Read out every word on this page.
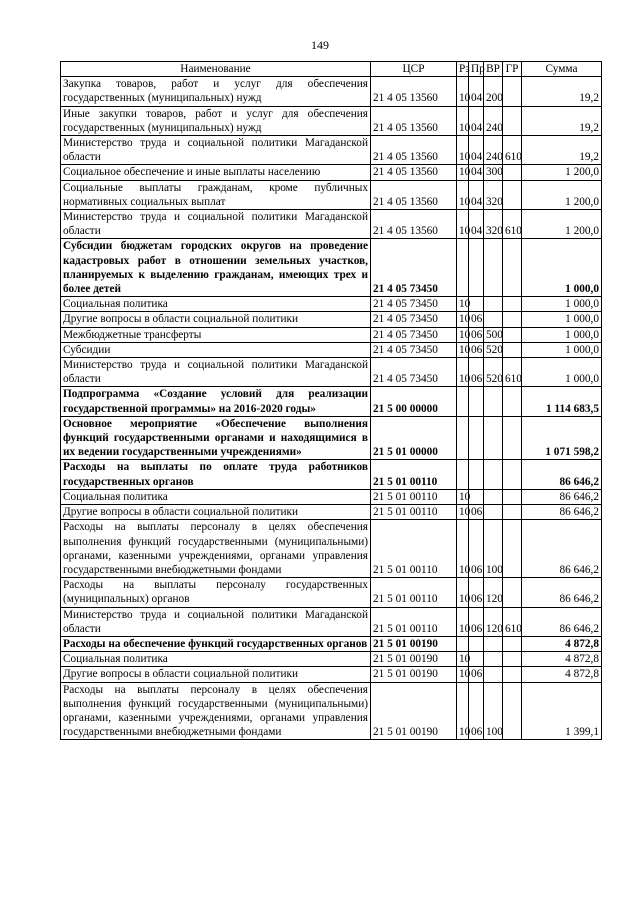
149
Наименование	ЦСР	Рз	Пр	ВР	ГР	Сумма
Закупка товаров, работ и услуг для обеспечения государственных (муниципальных) нужд	21 4 05 13560	10	04	200		19,2
Иные закупки товаров, работ и услуг для обеспечения государственных (муниципальных) нужд	21 4 05 13560	10	04	240		19,2
Министерство труда и социальной политики Магаданской области	21 4 05 13560	10	04	240	610	19,2
Социальное обеспечение и иные выплаты населению	21 4 05 13560	10	04	300		1 200,0
Социальные выплаты гражданам, кроме публичных нормативных социальных выплат	21 4 05 13560	10	04	320		1 200,0
Министерство труда и социальной политики Магаданской области	21 4 05 13560	10	04	320	610	1 200,0
Субсидии бюджетам городских округов на проведение кадастровых работ в отношении земельных участков, планируемых к выделению гражданам, имеющих трех и более детей	21 4 05 73450					1 000,0
Социальная политика	21 4 05 73450	10				1 000,0
Другие вопросы в области социальной политики	21 4 05 73450	10	06			1 000,0
Межбюджетные трансферты	21 4 05 73450	10	06	500		1 000,0
Субсидии	21 4 05 73450	10	06	520		1 000,0
Министерство труда и социальной политики Магаданской области	21 4 05 73450	10	06	520	610	1 000,0
Подпрограмма «Создание условий для реализации государственной программы» на 2016-2020 годы»	21 5 00 00000					1 114 683,5
Основное мероприятие «Обеспечение выполнения функций государственными органами и находящимися в их ведении государственными учреждениями»	21 5 01 00000					1 071 598,2
Расходы на выплаты по оплате труда работников государственных органов	21 5 01 00110					86 646,2
Социальная политика	21 5 01 00110	10				86 646,2
Другие вопросы в области социальной политики	21 5 01 00110	10	06			86 646,2
Расходы на выплаты персоналу в целях обеспечения выполнения функций государственными (муниципальными) органами, казенными учреждениями, органами управления государственными внебюджетными фондами	21 5 01 00110	10	06	100		86 646,2
Расходы на выплаты персоналу государственных (муниципальных) органов	21 5 01 00110	10	06	120		86 646,2
Министерство труда и социальной политики Магаданской области	21 5 01 00110	10	06	120	610	86 646,2
Расходы на обеспечение функций государственных органов	21 5 01 00190					4 872,8
Социальная политика	21 5 01 00190	10				4 872,8
Другие вопросы в области социальной политики	21 5 01 00190	10	06			4 872,8
Расходы на выплаты персоналу в целях обеспечения выполнения функций государственными (муниципальными) органами, казенными учреждениями, органами управления государственными внебюджетными фондами	21 5 01 00190	10	06	100		1 399,1
